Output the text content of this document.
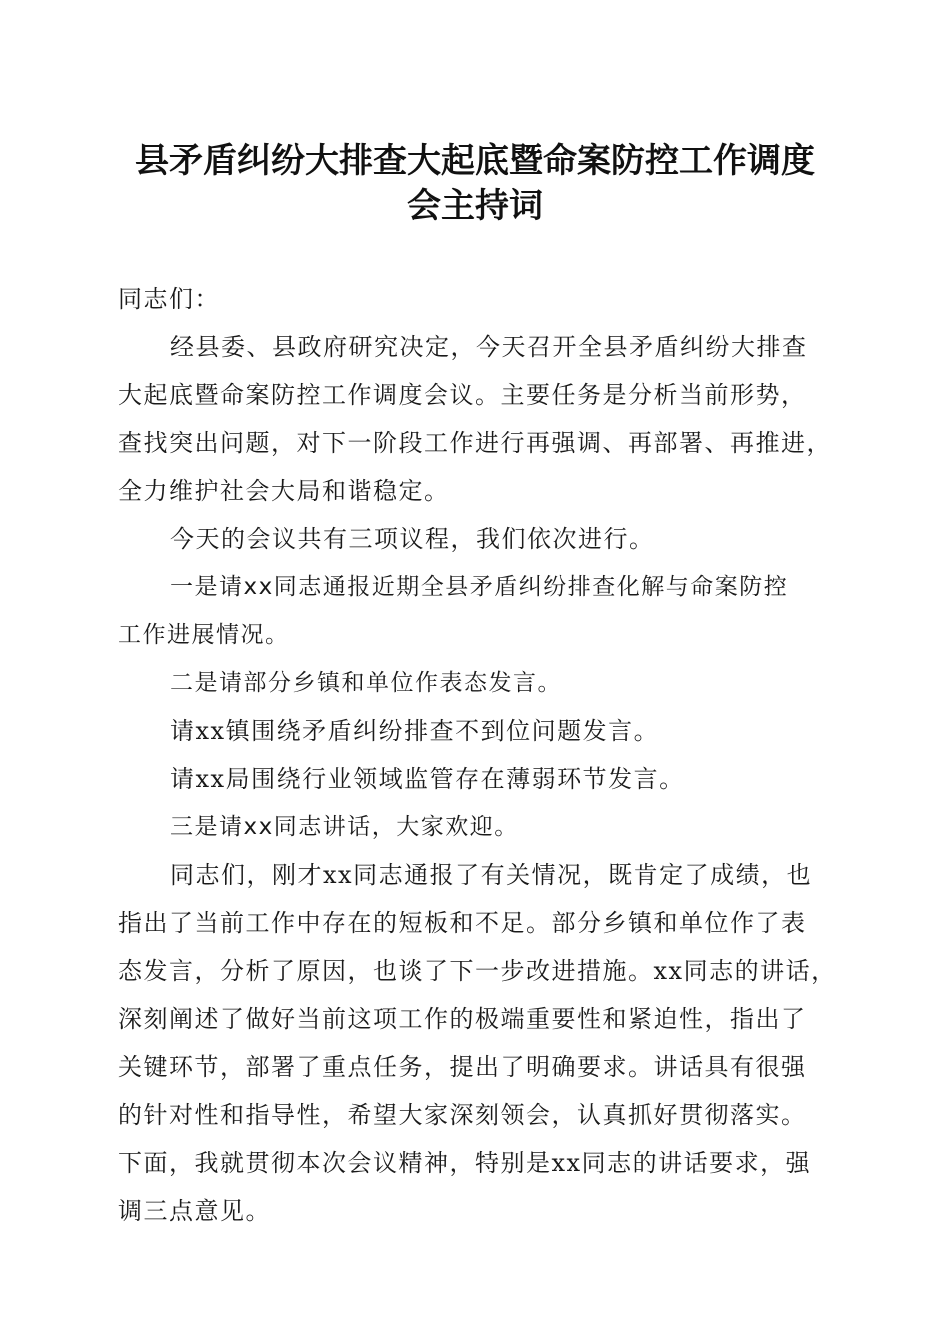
县矛盾纠纷大排查大起底暨命案防控工作调度
会主持词
同志们：
经县委、县政府研究决定，今天召开全县矛盾纠纷大排查
大起底暨命案防控工作调度会议。主要任务是分析当前形势，
查找突出问题，对下一阶段工作进行再强调、再部署、再推进，
全力维护社会大局和谐稳定。
今天的会议共有三项议程，我们依次进行。
一是请xx同志通报近期全县矛盾纠纷排查化解与命案防控
工作进展情况。
二是请部分乡镇和单位作表态发言。
请xx镇围绕矛盾纠纷排查不到位问题发言。
请xx局围绕行业领域监管存在薄弱环节发言。
三是请xx同志讲话，大家欢迎。
同志们，刚才xx同志通报了有关情况，既肯定了成绩，也
指出了当前工作中存在的短板和不足。部分乡镇和单位作了表
态发言，分析了原因，也谈了下一步改进措施。xx同志的讲话，
深刻阐述了做好当前这项工作的极端重要性和紧迫性，指出了
关键环节，部署了重点任务，提出了明确要求。讲话具有很强
的针对性和指导性，希望大家深刻领会，认真抓好贯彻落实。
下面，我就贯彻本次会议精神，特别是xx同志的讲话要求，强
调三点意见。
